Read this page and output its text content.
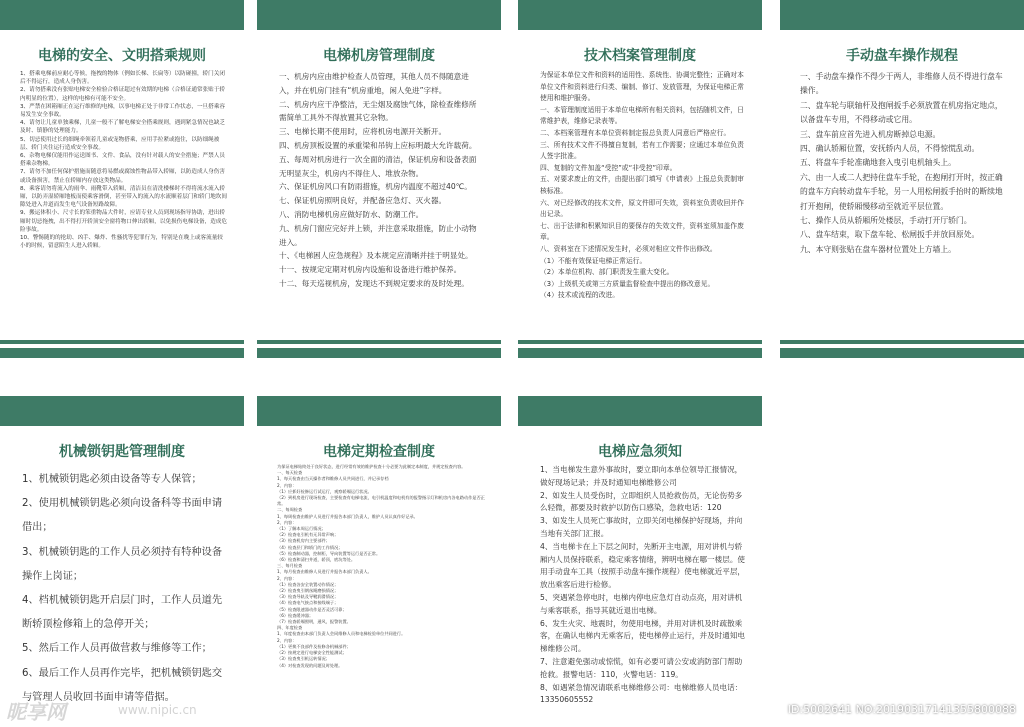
电梯的安全、文明搭乘规则

1、搭乘电梯前应耐心等候，拖拽的物体（例如长梯、长扁等）以防碰撞，轿门关闭后不得运行，造成人身伤害。

2、请勿搭乘没有张贴电梯安全检验合格证超过有效期的电梯（合格证通常张贴于轿内明显的位置），这样的电梯有可能不安全。

3、严禁在困箱厢正在运行维修的电梯，以事电梯正处于非常工作状态，一旦搭乘容易发生安全事故。

4、请勿让儿童单独乘梯，儿童一般不了解电梯安全搭乘规则，遇到紧急情况也缺乏及时、镇静的处理能力。

5、切忌使用过长的细绳牵领着儿童或宠物搭乘，应用手拉紧或抱住，以防细绳被层、轿门夹住运行造成安全事故。

6、杂物电梯仅能用作运送图书、文件、食品，没有针对载人的安全措施；严禁人员搭乘杂物梯。

7、请勿不加任何保护措施而随意将易燃或腐蚀性物品带入轿厢，以防造成人身伤害或设备损害，禁止在轿厢内存放这类物品。

8、乘客请勿将流入的雨伞、雨靴带入轿厢，清洁员在清洗楼梯时不得将流水流入轿厢，以防弄湿轿厢地板而使乘客滑倒，甚至带入的流入的水流顺着层门和轿门地坎间隙处进入井道而发生电气设备短路故障。

9、搬运体积小、尺寸长的笨重物品大件时，应请专业人员到现场指导协助，进出轿厢时切忌拖拽，出不得打开轿顶安全窗将物口伸出轿厢，以免损伤电梯设备，造成危险事故。

10、瞥惕随的的抢劫、凶手、爆炸、性骚扰等犯罪行为，特别是在晚上或客流量较小的时候，留意陌生人进入轿厢。

电梯机房管理制度

一、机房内应由维护检查人员管理，其他人员不得随意进入，并在机房门挂有“机房重地，闲人免进”字样。

二、机房内应干净整洁，无尘烟及腐蚀气体，除检查维修所需简单工具外不得放置其它杂物。

三、电梯长期不使用时，应将机房电源开关断开。

四、机房顶板设置的承重梁和吊钩上应标明最大允许载荷。

五、每周对机房进行一次全面的清洁，保证机房和设备表面无明显灰尘，机房内不得住人、堆放杂物。

六、保证机房风口有防雨措施，机房内温度不超过40℃。

七、保证机房照明良好，并配备应急灯、灭火器。

八、消防电梯机房应做好防水、防潮工作。

九、机房门窗应完好并上锁，并注意采取措施，防止小动物进入。

十、《电梯困人应急规程》及本规定应清晰并挂于明显处。

十一、按规定定期对机房内设施和设备进行维护保养。

十二、每天巡视机房，发现达不到规定要求的及时处理。

技术档案管理制度

为保证本单位文件和资料的适用性、系统性、协调完整性；正确对本单位文件和资料进行归类、编制、修订、发放管理，为保证电梯正常使用和维护服务。

一、本管理制度适用于本单位电梯所有相关资料，包括随机文件，日常维护表，维修记录表等。

二、本档案管理有本单位资料制定报总负责人同意后严格应行。

三、所有技术文件不得擅自复制，若有工作需要；应通过本单位负责人签字批准。

四、复制的文件加盖“受控”或“非受控”印章。

五、对要求废止的文件，由提出部门填写《申请表》上报总负责制审核标准。

六、对已经修改的技术文件，原文件即可失效，资料室负责收回并作出记录。

七、出于法律和积累知识目的要保存的失效文件，资料室须加盖作废章。

八、资料室在下述情况发生时，必须对相应文件作出修改。

（1）不能有效保证电梯正常运行。

（2）本单位机构、部门职责发生重大变化。

（3）上级机关或第三方质量监督检查中提出的修改意见。

（4）技术或流程的改进。

手动盘车操作规程

一、手动盘车操作不得少于两人，非维修人员不得进行盘车操作。

二、盘车轮与联轴杆及抱闸扳手必须放置在机房指定地点，以备盘车专用，不得移动或它用。

三、盘车前应首先进入机房断掉总电源。

四、确认轿厢位置，安抚轿内人员，不得惊慌乱动。

五、将盘车手轮准确地套入曳引电机轴头上。

六、由一人或二人把持住盘车手轮，在抱闸打开时，按正确的盘车方向转动盘车手轮，另一人用松闸扳手抬时的断续地打开抱闸，使轿厢慢移动至就近平层位置。

七、操作人员从轿厢所处楼层，手动打开厅轿门。

八、盘车结束，取下盘车轮、松闸扳手并放回原处。

九、本守则张贴在盘车器材位置处上方墙上。

机械锁钥匙管理制度

1、机械锁钥匙必须由设备等专人保管；

2、使用机械锁钥匙必须向设备科等书面申请借出；

3、机械锁钥匙的工作人员必须持有特种设备操作上岗证；

4、档机械锁钥匙开启层门时，工作人员道先断轿顶检修箱上的急停开关；

5、然后工作人员再做营救与维修等工作；

6、最后工作人员再作完毕，把机械锁钥匙交与管理人员收回书面申请等借据。

电梯定期检查制度

为保证电梯始终处于良好状态，进行经常有效的维护检查十分必要为此制定本制度，并规定检查内容。

一、每天检查

1、每天检查由当天操作者和维修人员共同进行，并记录存档

2、内容：

（1）应抓好检修运行试运行，观察轿厢运行状况。

（2）到机房进行现场检查，主要检查有电梯电流，电引机温度和电机有的报警指示灯和机房内各电路动作是否正常。

二、每周检查

1、每周检查由维护人员进行并报告本部门负责人，维护人员认真作好记录。

2、内容：

（1）了解本周运行情况；

（2）检查电引机有无异常声响；

（3）检查机房内主要部件；

（4）检查层门和轿门的工作情况；

（5）检查制动器，控制柜，导向装置等运行是否正常。

（6）检查和清扫井道，轿顶，底坑等处。

三、每月检查

1、每月检查由维修人员进行并报告本部门负责人。

2、内容：

（1）检查各安全装置动作情况；

（2）检查曳引钢丝绳磨损情况；

（3）检查导轨及导靴润滑情况；

（4）检查电气接点和接线端子；

（5）检查限速器动作是否灵活可靠；

（6）检查缓冲器；

（7）检查轿厢照明，通风，报警装置。

四、年度检查

1、年度检查由本部门负责人会同维修人员和电梯检验单位共同进行。

2、内容：

（1）更换不良部件及检修各机械部件；

（2）按规定进行电梯安全性能测试；

（3）检查曳引机运转情况；

（4）对检查发现的问题及时处理。

电梯应急须知

1、当电梯发生意外事故时，要立即向本单位领导汇报情况，做好现场记录；并及时通知电梯维修公司

2、如发生人员受伤时，立即组织人员抢救伤员，无论伤势多么轻微，都要及时救护以防伤口感染，急救电话：120

3、如发生人员死亡事故时，立即关闭电梯保护好现场，并向当地有关部门汇报。

4、当电梯卡在上下层之间时，先断开主电源，用对讲机与轿厢内人员保持联系，稳定乘客情绪，辨明电梯在哪一楼层。使用手动盘车工具（按照手动盘车操作规程）使电梯就近平层，放出乘客后进行检修。

5、突遇紧急停电时，电梯内停电应急灯自动点亮，用对讲机与乘客联系，指导其就近退出电梯。

6、发生火灾、地震时，勿使用电梯，并用对讲机及时疏散乘客，在确认电梯内无乘客后，使电梯停止运行，并及时通知电梯维修公司。

7、注意避免强动或惊慌，如有必要可请公安或消防部门帮助抢救。报警电话：110，火警电话：119。

8、如遇紧急情况请联系电梯维修公司：电梯维修人员电话：13350605552

昵享网	www.nipic.cn	ID:5002641 NO:20190317141355800088
